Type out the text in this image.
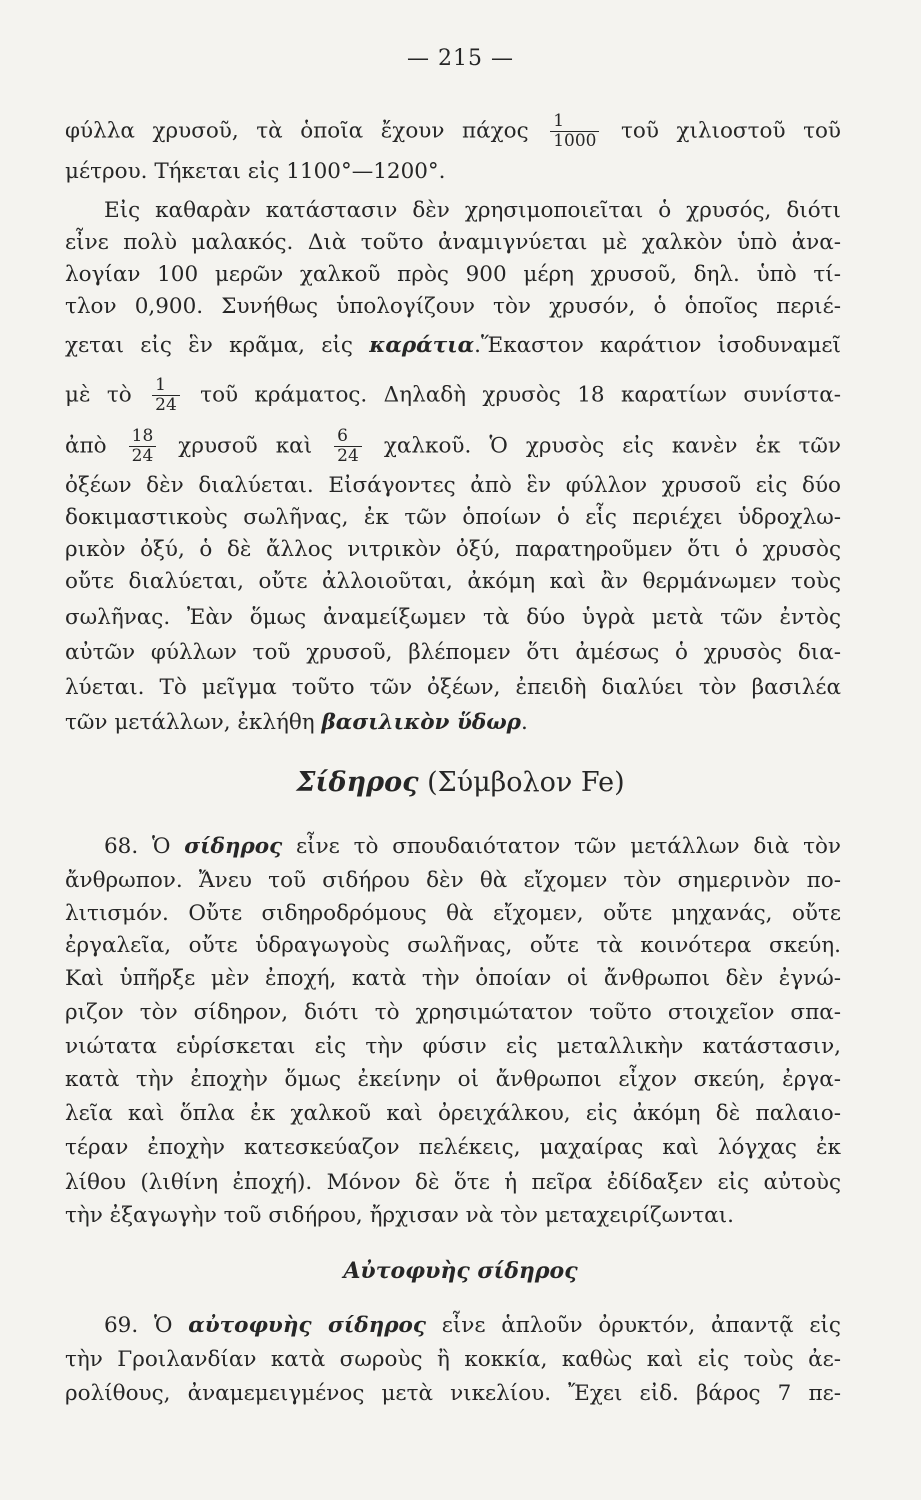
— 215 —
φύλλα χρυσοῦ, τὰ ὁποῖα ἔχουν πάχος $\frac{1}{1000}$ τοῦ χιλιοστοῦ τοῦ
μέτρου. Τήκεται εἰς 1100°—1200°.
Εἰς καθαρὰν κατάστασιν δὲν χρησιμοποιεῖται ὁ χρυσός, διότι
εἶνε πολὺ μαλακός. Διὰ τοῦτο ἀναμιγνύεται μὲ χαλκὸν ὑπὸ ἀνα-
λογίαν 100 μερῶν χαλκοῦ πρὸς 900 μέρη χρυσοῦ, δηλ. ὑπὸ τί-
τλον 0,900. Συνήθως ὑπολογίζουν τὸν χρυσόν, ὁ ὁποῖος περιέ-
χεται εἰς ἓν κρᾶμα, εἰς καράτια.Ἕκαστον καράτιον ἰσοδυναμεῖ
μὲ τὸ $\frac{1}{24}$ τοῦ κράματος. Δηλαδὴ χρυσὸς 18 καρατίων συνίστα-
ἀπὸ $\frac{18}{24}$ χρυσοῦ καὶ $\frac{6}{24}$ χαλκοῦ. Ὁ χρυσὸς εἰς κανὲν ἐκ τῶν
ὀξέων δὲν διαλύεται. Εἰσάγοντες ἀπὸ ἓν φύλλον χρυσοῦ εἰς δύο
δοκιμαστικοὺς σωλῆνας, ἐκ τῶν ὁποίων ὁ εἷς περιέχει ὑδροχλω-
ρικὸν ὀξύ, ὁ δὲ ἄλλος νιτρικὸν ὀξύ, παρατηροῦμεν ὅτι ὁ χρυσὸς
οὔτε διαλύεται, οὔτε ἀλλοιοῦται, ἀκόμη καὶ ἂν θερμάνωμεν τοὺς
σωλῆνας. Ἐὰν ὅμως ἀναμείξωμεν τὰ δύο ὑγρὰ μετὰ τῶν ἐντὸς
αὐτῶν φύλλων τοῦ χρυσοῦ, βλέπομεν ὅτι ἀμέσως ὁ χρυσὸς δια-
λύεται. Τὸ μεῖγμα τοῦτο τῶν ὀξέων, ἐπειδὴ διαλύει τὸν βασιλέα
τῶν μετάλλων, ἐκλήθη βασιλικὸν ὕδωρ.
Σίδηρος (Σύμβολον Fe)
68. Ὁ σίδηρος εἶνε τὸ σπουδαιότατον τῶν μετάλλων διὰ τὸν
ἄνθρωπον. Ἄνευ τοῦ σιδήρου δὲν θὰ εἴχομεν τὸν σημερινὸν πο-
λιτισμόν. Οὔτε σιδηροδρόμους θὰ εἴχομεν, οὔτε μηχανάς, οὔτε
ἐργαλεῖα, οὔτε ὑδραγωγοὺς σωλῆνας, οὔτε τὰ κοινότερα σκεύη.
Καὶ ὑπῆρξε μὲν ἐποχή, κατὰ τὴν ὁποίαν οἱ ἄνθρωποι δὲν ἐγνώ-
ριζον τὸν σίδηρον, διότι τὸ χρησιμώτατον τοῦτο στοιχεῖον σπα-
νιώτατα εὑρίσκεται εἰς τὴν φύσιν εἰς μεταλλικὴν κατάστασιν,
κατὰ τὴν ἐποχὴν ὅμως ἐκείνην οἱ ἄνθρωποι εἶχον σκεύη, ἐργα-
λεῖα καὶ ὅπλα ἐκ χαλκοῦ καὶ ὀρειχάλκου, εἰς ἀκόμη δὲ παλαιο-
τέραν ἐποχὴν κατεσκεύαζον πελέκεις, μαχαίρας καὶ λόγχας ἐκ
λίθου (λιθίνη ἐποχή). Μόνον δὲ ὅτε ἡ πεῖρα ἐδίδαξεν εἰς αὐτοὺς
τὴν ἐξαγωγὴν τοῦ σιδήρου, ἤρχισαν νὰ τὸν μεταχειρίζωνται.
Αὐτοφυὴς σίδηρος
69. Ὁ αὐτοφυὴς σίδηρος εἶνε ἁπλοῦν ὀρυκτόν, ἀπαντᾷ εἰς
τὴν Γροιλανδίαν κατὰ σωροὺς ἢ κοκκία, καθὼς καὶ εἰς τοὺς ἀε-
ρολίθους, ἀναμεμειγμένος μετὰ νικελίου. Ἔχει εἰδ. βάρος 7 πε-
